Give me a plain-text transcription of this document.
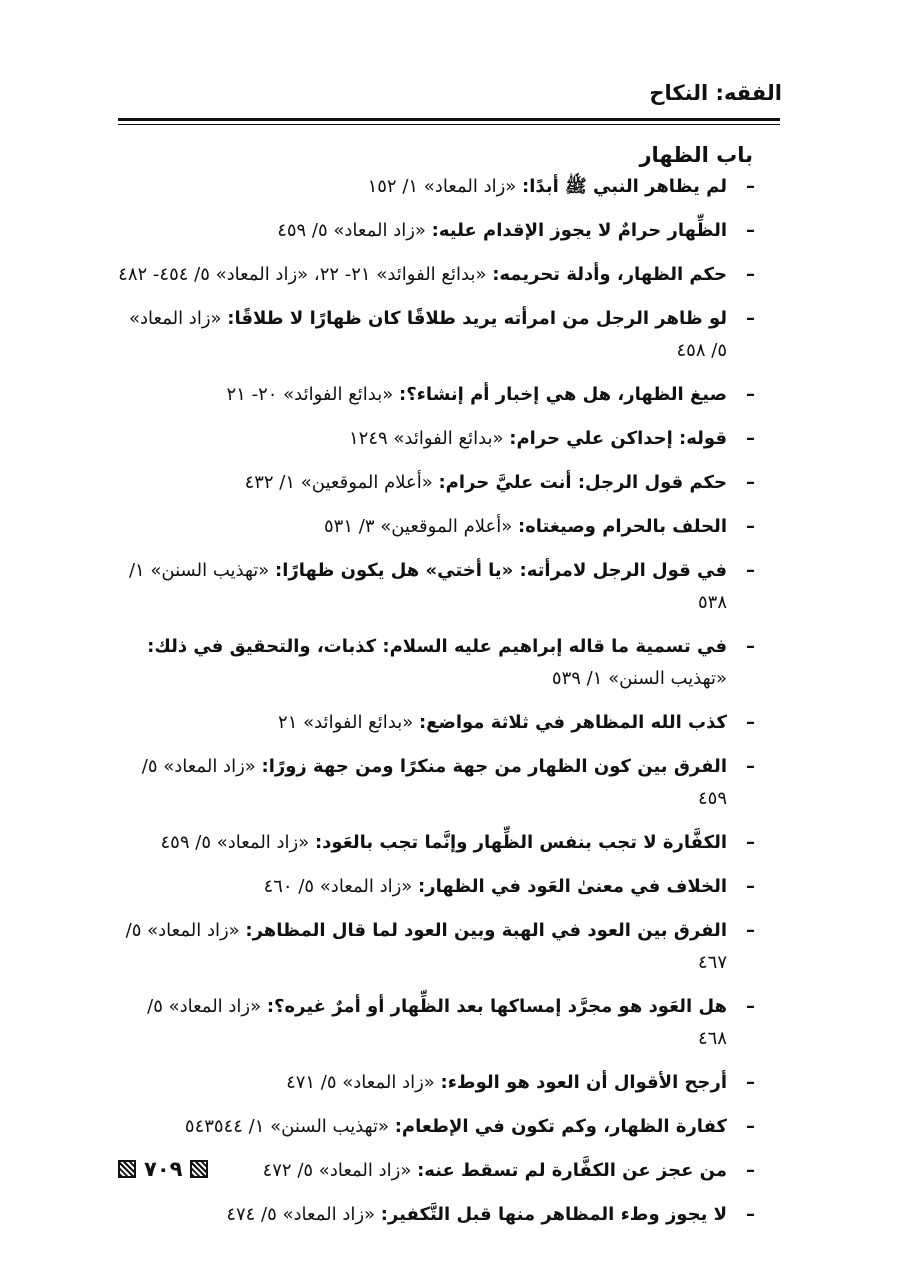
الفقه: النكاح
باب الظهار
–
لم يظاهر النبي ﷺ أبدًا: «زاد المعاد» ١/ ١٥٢
–
الظِّهار حرامٌ لا يجوز الإقدام عليه: «زاد المعاد» ٥/ ٤٥٩
–
حكم الظهار، وأدلة تحريمه: «بدائع الفوائد» ٢١- ٢٢، «زاد المعاد» ٥/ ٤٥٤- ٤٨٢
–
لو ظاهر الرجل من امرأته يريد طلاقًا كان ظهارًا لا طلاقًا: «زاد المعاد» ٥/ ٤٥٨
–
صيغ الظهار، هل هي إخبار أم إنشاء؟: «بدائع الفوائد» ٢٠- ٢١
–
قوله: إحداكن علي حرام: «بدائع الفوائد» ١٢٤٩
–
حكم قول الرجل: أنت عليَّ حرام: «أعلام الموقعين» ١/ ٤٣٢
–
الحلف بالحرام وصيغتاه: «أعلام الموقعين» ٣/ ٥٣١
–
في قول الرجل لامرأته: «يا أختي» هل يكون ظهارًا: «تهذيب السنن» ١/ ٥٣٨
–
في تسمية ما قاله إبراهيم عليه السلام: كذبات، والتحقيق في ذلك: «تهذيب السنن» ١/ ٥٣٩
–
كذب الله المظاهر في ثلاثة مواضع: «بدائع الفوائد» ٢١
–
الفرق بين كون الظهار من جهة منكرًا ومن جهة زورًا: «زاد المعاد» ٥/ ٤٥٩
–
الكفَّارة لا تجب بنفس الظِّهار وإنَّما تجب بالعَود: «زاد المعاد» ٥/ ٤٥٩
–
الخلاف في معنىٰ العَود في الظهار: «زاد المعاد» ٥/ ٤٦٠
–
الفرق بين العود في الهبة وبين العود لما قال المظاهر: «زاد المعاد» ٥/ ٤٦٧
–
هل العَود هو مجرَّد إمساكها بعد الظِّهار أو أمرٌ غيره؟: «زاد المعاد» ٥/ ٤٦٨
–
أرجح الأقوال أن العود هو الوطء: «زاد المعاد» ٥/ ٤٧١
–
كفارة الظهار، وكم تكون في الإطعام: «تهذيب السنن» ١/ ٥٤٣٥٤٤
–
من عجز عن الكفَّارة لم تسقط عنه: «زاد المعاد» ٥/ ٤٧٢
–
لا يجوز وطء المظاهر منها قبل التَّكفير: «زاد المعاد» ٥/ ٤٧٤
٧٠٩
